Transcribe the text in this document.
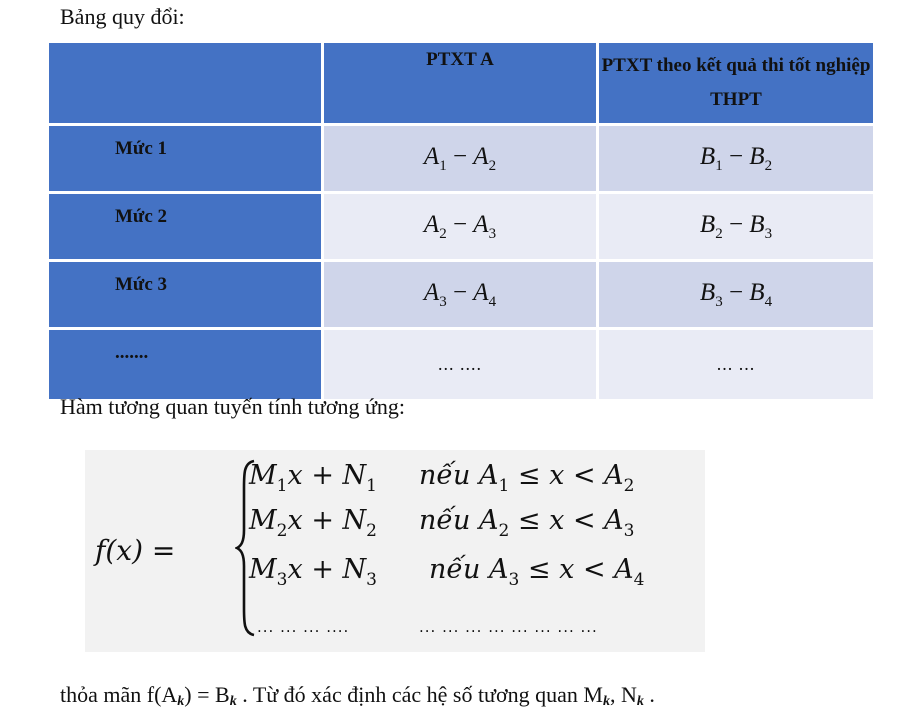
Bảng quy đổi:
	PTXT A	PTXT theo kết quả thi tốt nghiệp THPT
Mức 1	$A_1 - A_2$	$B_1 - B_2$
Mức 2	$A_2 - A_3$	$B_2 - B_3$
Mức 3	$A_3 - A_4$	$B_3 - B_4$
.......	... ....	... ...
Hàm tương quan tuyến tính tương ứng:
f(x) =
$M_1x + N_1$ nếu $A_1 \le x < A_2$
$M_2x + N_2$ nếu $A_2 \le x < A_3$
$M_3x + N_3$ nếu $A_3 \le x < A_4$
... ... ... ....	... ... ... ... ... ... ... ...
thỏa mãn f(Ak) = Bk . Từ đó xác định các hệ số tương quan Mk, Nk .
